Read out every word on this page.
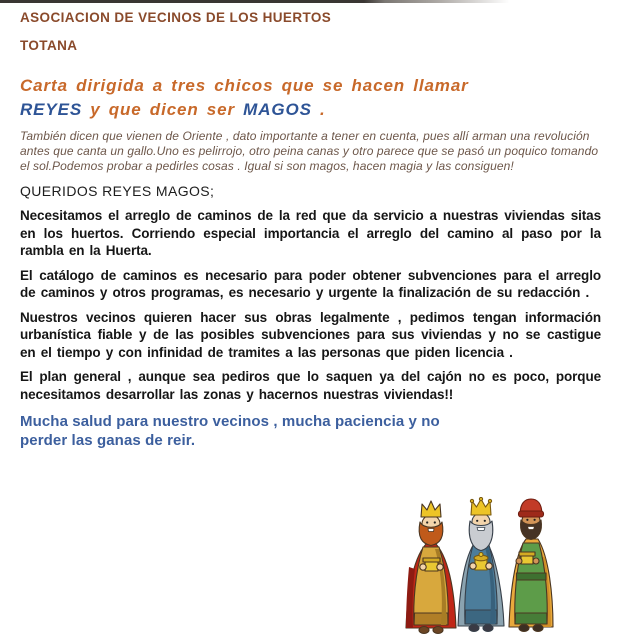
ASOCIACION DE VECINOS DE LOS HUERTOS
TOTANA
Carta dirigida a tres chicos que se hacen llamar
REYES y que dicen ser MAGOS .

También dicen que vienen de Oriente , dato importante a tener en cuenta, pues allí arman una revolución antes que canta un gallo.Uno es pelirrojo, otro peina canas y otro parece que se pasó un poquico tomando el sol.Podemos probar a pedirles cosas . Igual si son magos, hacen magia y las consiguen!

QUERIDOS REYES MAGOS;

Necesitamos el arreglo de caminos de la red que da servicio a nuestras viviendas sitas en los huertos. Corriendo especial importancia el arreglo del camino al paso por la rambla en la Huerta.

El catálogo de caminos es necesario para poder obtener subvenciones para el arreglo de caminos y otros programas, es necesario y urgente la finalización de su redacción .

Nuestros vecinos quieren hacer sus obras legalmente , pedimos tengan información urbanística fiable y de las posibles subvenciones para sus viviendas y no se castigue en el tiempo y con infinidad de tramites a las personas que piden licencia .

El plan general , aunque sea pediros que lo saquen ya del cajón no es poco, porque necesitamos desarrollar las zonas y hacernos nuestras viviendas!!

Mucha salud para nuestro vecinos , mucha paciencia y no
perder las ganas de reir.
